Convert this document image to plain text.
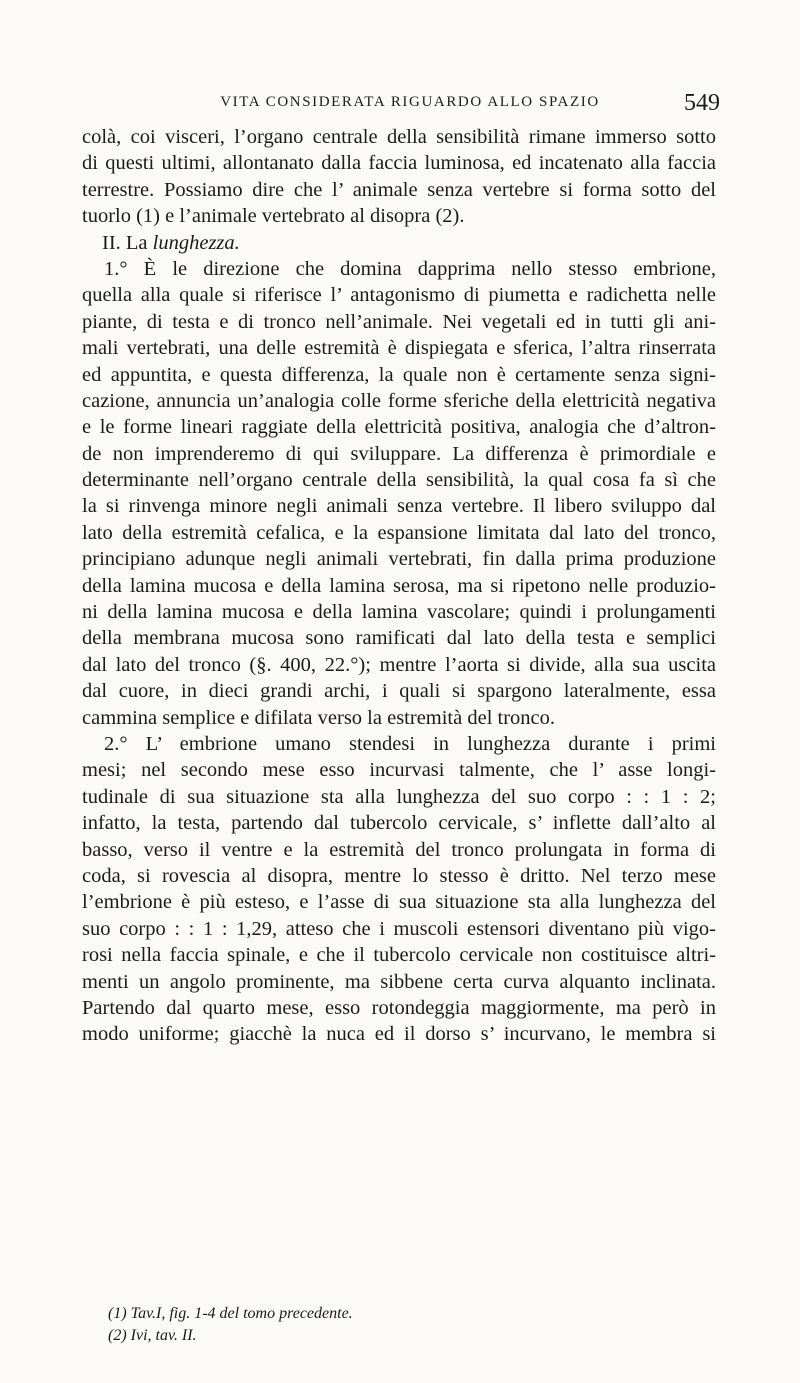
VITA CONSIDERATA RIGUARDO ALLO SPAZIO	549
colà, coi visceri, l’organo centrale della sensibilità rimane immerso sotto
di questi ultimi, allontanato dalla faccia luminosa, ed incatenato alla faccia
terrestre. Possiamo dire che l’ animale senza vertebre si forma sotto del
tuorlo (1) e l’animale vertebrato al disopra (2).
II. La lunghezza.
1.° È le direzione che domina dapprima nello stesso embrione,
quella alla quale si riferisce l’ antagonismo di piumetta e radichetta nelle
piante, di testa e di tronco nell’animale. Nei vegetali ed in tutti gli ani-
mali vertebrati, una delle estremità è dispiegata e sferica, l’altra rinserrata
ed appuntita, e questa differenza, la quale non è certamente senza signi-
cazione, annuncia un’analogia colle forme sferiche della elettricità negativa
e le forme lineari raggiate della elettricità positiva, analogia che d’altron-
de non imprenderemo di qui svilupparе. La differenza è primordiale e
determinante nell’organo centrale della sensibilità, la qual cosa fa sì che
la si rinvenga minore negli animali senza vertebre. Il libero sviluppo dal
lato della estremità cefalica, e la espansione limitata dal lato del tronco,
principiano adunque negli animali vertebrati, fin dalla prima produzione
della lamina mucosa e della lamina serosa, ma si ripetono nelle produzio-
ni della lamina mucosa e della lamina vascolare; quindi i prolungamenti
della membrana mucosa sono ramificati dal lato della testa e semplici
dal lato del tronco (§. 400, 22.°); mentre l’aorta si divide, alla sua uscita
dal cuore, in dieci grandi archi, i quali si spargono lateralmente, essa
cammina semplice e difilata verso la estremità del tronco.
2.° L’ embrione umano stendesi in lunghezza durante i primi
mesi; nel secondo mese esso incurvasi talmente, che l’ asse longi-
tudinale di sua situazione sta alla lunghezza del suo corpo : : 1 : 2;
infatto, la testa, partendo dal tubercolo cervicale, s’ inflette dall’alto al
basso, verso il ventre e la estremità del tronco prolungata in forma di
coda, si rovescia al disopra, mentre lo stesso è dritto. Nel terzo mese
l’embrione è più esteso, e l’asse di sua situazione sta alla lunghezza del
suo corpo : : 1 : 1,29, atteso che i muscoli estensori diventano più vigo-
rosi nella faccia spinale, e che il tubercolo cervicale non costituisce altri-
menti un angolo prominente, ma sibbene certa curva alquanto inclinata.
Partendo dal quarto mese, esso rotondeggia maggiormente, ma però in
modo uniforme; giacchè la nuca ed il dorso s’ incurvano, le membra si
(1) Tav.I, fig. 1-4 del tomo precedente.
(2) Ivi, tav. II.
